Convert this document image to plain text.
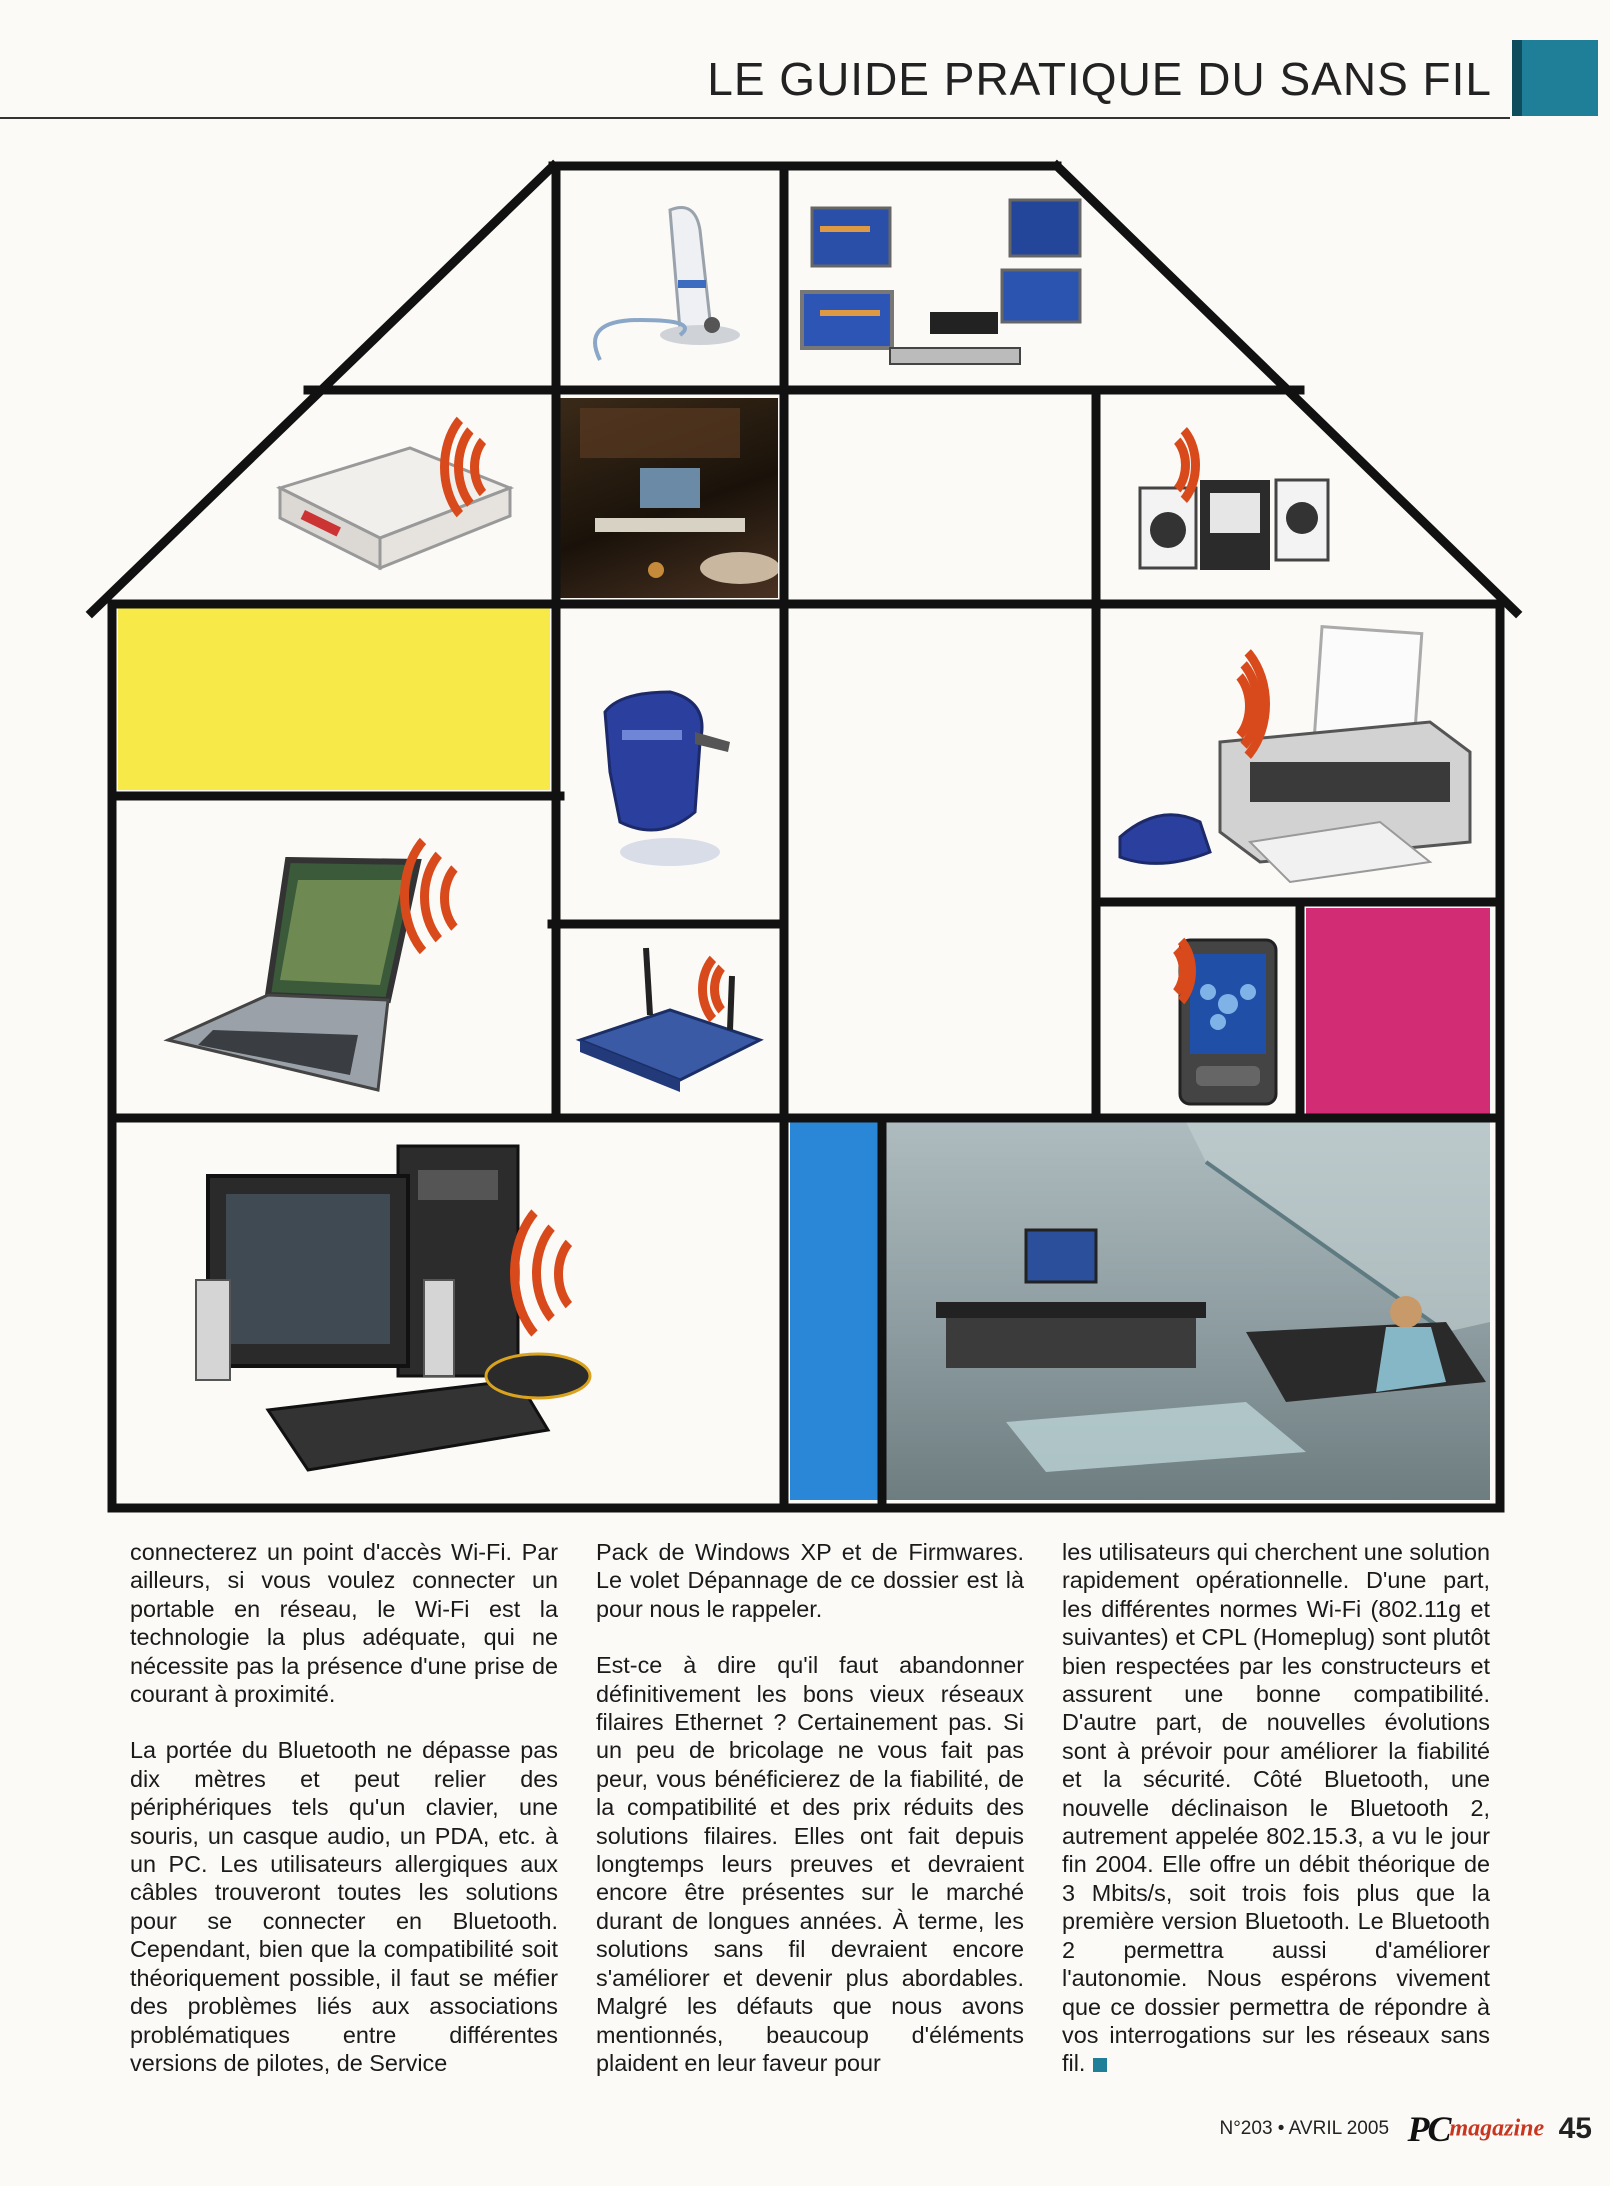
LE GUIDE PRATIQUE DU SANS FIL

connecterez un point d'accès Wi-Fi. Par ailleurs, si vous voulez connecter un portable en réseau, le Wi-Fi est la technologie la plus adéquate, qui ne nécessite pas la présence d'une prise de courant à proximité.

La portée du Bluetooth ne dépasse pas dix mètres et peut relier des périphériques tels qu'un clavier, une souris, un casque audio, un PDA, etc. à un PC. Les utilisateurs allergiques aux câbles trouveront toutes les solutions pour se connecter en Bluetooth. Cependant, bien que la compatibilité soit théoriquement possible, il faut se méfier des problèmes liés aux associations problématiques entre différentes versions de pilotes, de Service

Pack de Windows XP et de Firmwares. Le volet Dépannage de ce dossier est là pour nous le rappeler.

Est-ce à dire qu'il faut abandonner définitivement les bons vieux réseaux filaires Ethernet ? Certainement pas. Si un peu de bricolage ne vous fait pas peur, vous bénéficierez de la fiabilité, de la compatibilité et des prix réduits des solutions filaires. Elles ont fait depuis longtemps leurs preuves et devraient encore être présentes sur le marché durant de longues années. À terme, les solutions sans fil devraient encore s'améliorer et devenir plus abordables. Malgré les défauts que nous avons mentionnés, beaucoup d'éléments plaident en leur faveur pour

les utilisateurs qui cherchent une solution rapidement opérationnelle. D'une part, les différentes normes Wi-Fi (802.11g et suivantes) et CPL (Homeplug) sont plutôt bien respectées par les constructeurs et assurent une bonne compatibilité. D'autre part, de nouvelles évolutions sont à prévoir pour améliorer la fiabilité et la sécurité. Côté Bluetooth, une nouvelle déclinaison le Bluetooth 2, autrement appelée 802.15.3, a vu le jour fin 2004. Elle offre un débit théorique de 3 Mbits/s, soit trois fois plus que la première version Bluetooth. Le Bluetooth 2 permettra aussi d'améliorer l'autonomie. Nous espérons vivement que ce dossier permettra de répondre à vos interrogations sur les réseaux sans fil.

N°203 • AVRIL 2005 PCmagazine 45
